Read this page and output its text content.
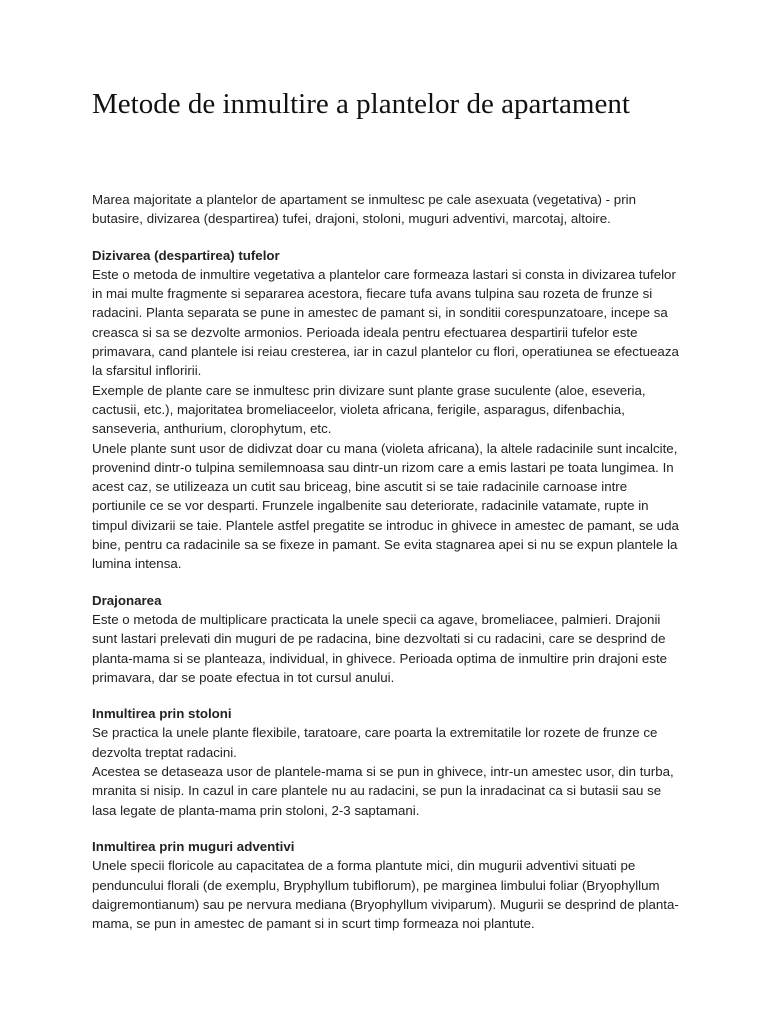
Metode de inmultire a plantelor de apartament

Marea majoritate a plantelor de apartament se inmultesc pe cale asexuata (vegetativa) - prin butasire, divizarea (despartirea) tufei, drajoni, stoloni, muguri adventivi, marcotaj, altoire.

Dizivarea (despartirea) tufelor

Este o metoda de inmultire vegetativa a plantelor care formeaza lastari si consta in divizarea tufelor in mai multe fragmente si separarea acestora, fiecare tufa avans tulpina sau rozeta de frunze si radacini. Planta separata se pune in amestec de pamant si, in sonditii corespunzatoare, incepe sa creasca si sa se dezvolte armonios. Perioada ideala pentru efectuarea despartirii tufelor este primavara, cand plantele isi reiau cresterea, iar in cazul plantelor cu flori, operatiunea se efectueaza la sfarsitul infloririi.

Exemple de plante care se inmultesc prin divizare sunt plante grase suculente (aloe, eseveria, cactusii, etc.), majoritatea bromeliaceelor, violeta africana, ferigile, asparagus, difenbachia, sanseveria, anthurium, clorophytum, etc.

Unele plante sunt usor de didivzat doar cu mana (violeta africana), la altele radacinile sunt incalcite, provenind dintr-o tulpina semilemnoasa sau dintr-un rizom care a emis lastari pe toata lungimea. In acest caz, se utilizeaza un cutit sau briceag, bine ascutit si se taie radacinile carnoase intre portiunile ce se vor desparti. Frunzele ingalbenite sau deteriorate, radacinile vatamate, rupte in timpul divizarii se taie. Plantele astfel pregatite se introduc in ghivece in amestec de pamant, se uda bine, pentru ca radacinile sa se fixeze in pamant. Se evita stagnarea apei si nu se expun plantele la lumina intensa.

Drajonarea

Este o metoda de multiplicare practicata la unele specii ca agave, bromeliacee, palmieri. Drajonii sunt lastari prelevati din muguri de pe radacina, bine dezvoltati si cu radacini, care se desprind de planta-mama si se planteaza, individual, in ghivece. Perioada optima de inmultire prin drajoni este primavara, dar se poate efectua in tot cursul anului.

Inmultirea prin stoloni

Se practica la unele plante flexibile, taratoare, care poarta la extremitatile lor rozete de frunze ce dezvolta treptat radacini.

Acestea se detaseaza usor de plantele-mama si se pun in ghivece, intr-un amestec usor, din turba, mranita si nisip. In cazul in care plantele nu au radacini, se pun la inradacinat ca si butasii sau se lasa legate de planta-mama prin stoloni, 2-3 saptamani.

Inmultirea prin muguri adventivi

Unele specii floricole au capacitatea de a forma plantute mici, din mugurii adventivi situati pe penduncului florali (de exemplu, Bryphyllum tubiflorum), pe marginea limbului foliar (Bryophyllum daigremontianum) sau pe nervura mediana (Bryophyllum viviparum). Mugurii se desprind de planta-mama, se pun in amestec de pamant si in scurt timp formeaza noi plantute.
